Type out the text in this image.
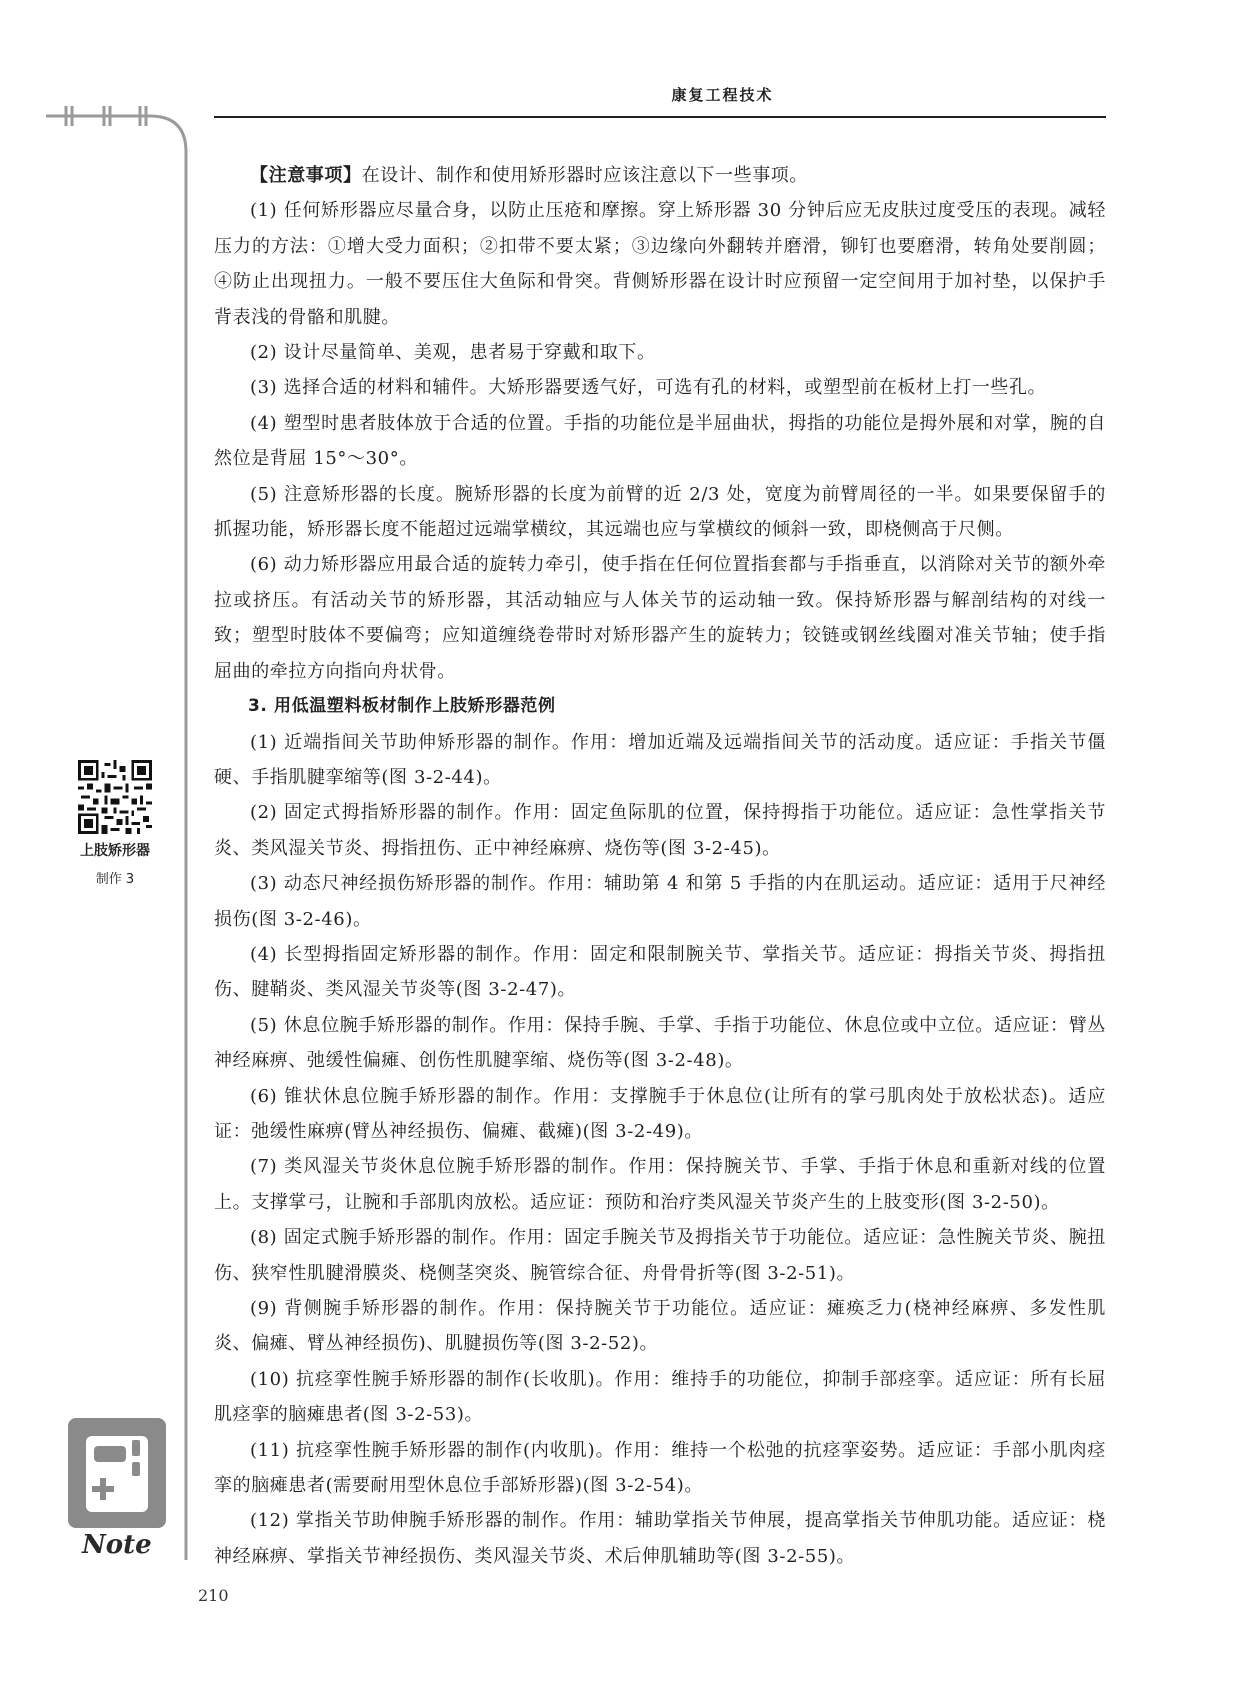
康复工程技术

【注意事项】在设计、制作和使用矫形器时应该注意以下一些事项。

(1) 任何矫形器应尽量合身，以防止压疮和摩擦。穿上矫形器 30 分钟后应无皮肤过度受压的表现。减轻压力的方法：①增大受力面积；②扣带不要太紧；③边缘向外翻转并磨滑，铆钉也要磨滑，转角处要削圆；④防止出现扭力。一般不要压住大鱼际和骨突。背侧矫形器在设计时应预留一定空间用于加衬垫，以保护手背表浅的骨骼和肌腱。

(2) 设计尽量简单、美观，患者易于穿戴和取下。

(3) 选择合适的材料和辅件。大矫形器要透气好，可选有孔的材料，或塑型前在板材上打一些孔。

(4) 塑型时患者肢体放于合适的位置。手指的功能位是半屈曲状，拇指的功能位是拇外展和对掌，腕的自然位是背屈 15°～30°。

(5) 注意矫形器的长度。腕矫形器的长度为前臂的近 2/3 处，宽度为前臂周径的一半。如果要保留手的抓握功能，矫形器长度不能超过远端掌横纹，其远端也应与掌横纹的倾斜一致，即桡侧高于尺侧。

(6) 动力矫形器应用最合适的旋转力牵引，使手指在任何位置指套都与手指垂直，以消除对关节的额外牵拉或挤压。有活动关节的矫形器，其活动轴应与人体关节的运动轴一致。保持矫形器与解剖结构的对线一致；塑型时肢体不要偏弯；应知道缠绕卷带时对矫形器产生的旋转力；铰链或钢丝线圈对准关节轴；使手指屈曲的牵拉方向指向舟状骨。

3. 用低温塑料板材制作上肢矫形器范例

(1) 近端指间关节助伸矫形器的制作。作用：增加近端及远端指间关节的活动度。适应证：手指关节僵硬、手指肌腱挛缩等(图 3-2-44)。

(2) 固定式拇指矫形器的制作。作用：固定鱼际肌的位置，保持拇指于功能位。适应证：急性掌指关节炎、类风湿关节炎、拇指扭伤、正中神经麻痹、烧伤等(图 3-2-45)。

(3) 动态尺神经损伤矫形器的制作。作用：辅助第 4 和第 5 手指的内在肌运动。适应证：适用于尺神经损伤(图 3-2-46)。

(4) 长型拇指固定矫形器的制作。作用：固定和限制腕关节、掌指关节。适应证：拇指关节炎、拇指扭伤、腱鞘炎、类风湿关节炎等(图 3-2-47)。

(5) 休息位腕手矫形器的制作。作用：保持手腕、手掌、手指于功能位、休息位或中立位。适应证：臂丛神经麻痹、弛缓性偏瘫、创伤性肌腱挛缩、烧伤等(图 3-2-48)。

(6) 锥状休息位腕手矫形器的制作。作用：支撑腕手于休息位(让所有的掌弓肌肉处于放松状态)。适应证：弛缓性麻痹(臂丛神经损伤、偏瘫、截瘫)(图 3-2-49)。

(7) 类风湿关节炎休息位腕手矫形器的制作。作用：保持腕关节、手掌、手指于休息和重新对线的位置上。支撑掌弓，让腕和手部肌肉放松。适应证：预防和治疗类风湿关节炎产生的上肢变形(图 3-2-50)。

(8) 固定式腕手矫形器的制作。作用：固定手腕关节及拇指关节于功能位。适应证：急性腕关节炎、腕扭伤、狭窄性肌腱滑膜炎、桡侧茎突炎、腕管综合征、舟骨骨折等(图 3-2-51)。

(9) 背侧腕手矫形器的制作。作用：保持腕关节于功能位。适应证：瘫痪乏力(桡神经麻痹、多发性肌炎、偏瘫、臂丛神经损伤)、肌腱损伤等(图 3-2-52)。

(10) 抗痉挛性腕手矫形器的制作(长收肌)。作用：维持手的功能位，抑制手部痉挛。适应证：所有长屈肌痉挛的脑瘫患者(图 3-2-53)。

(11) 抗痉挛性腕手矫形器的制作(内收肌)。作用：维持一个松弛的抗痉挛姿势。适应证：手部小肌肉痉挛的脑瘫患者(需要耐用型休息位手部矫形器)(图 3-2-54)。

(12) 掌指关节助伸腕手矫形器的制作。作用：辅助掌指关节伸展，提高掌指关节伸肌功能。适应证：桡神经麻痹、掌指关节神经损伤、类风湿关节炎、术后伸肌辅助等(图 3-2-55)。

上肢矫形器
制作 3
Note
210
